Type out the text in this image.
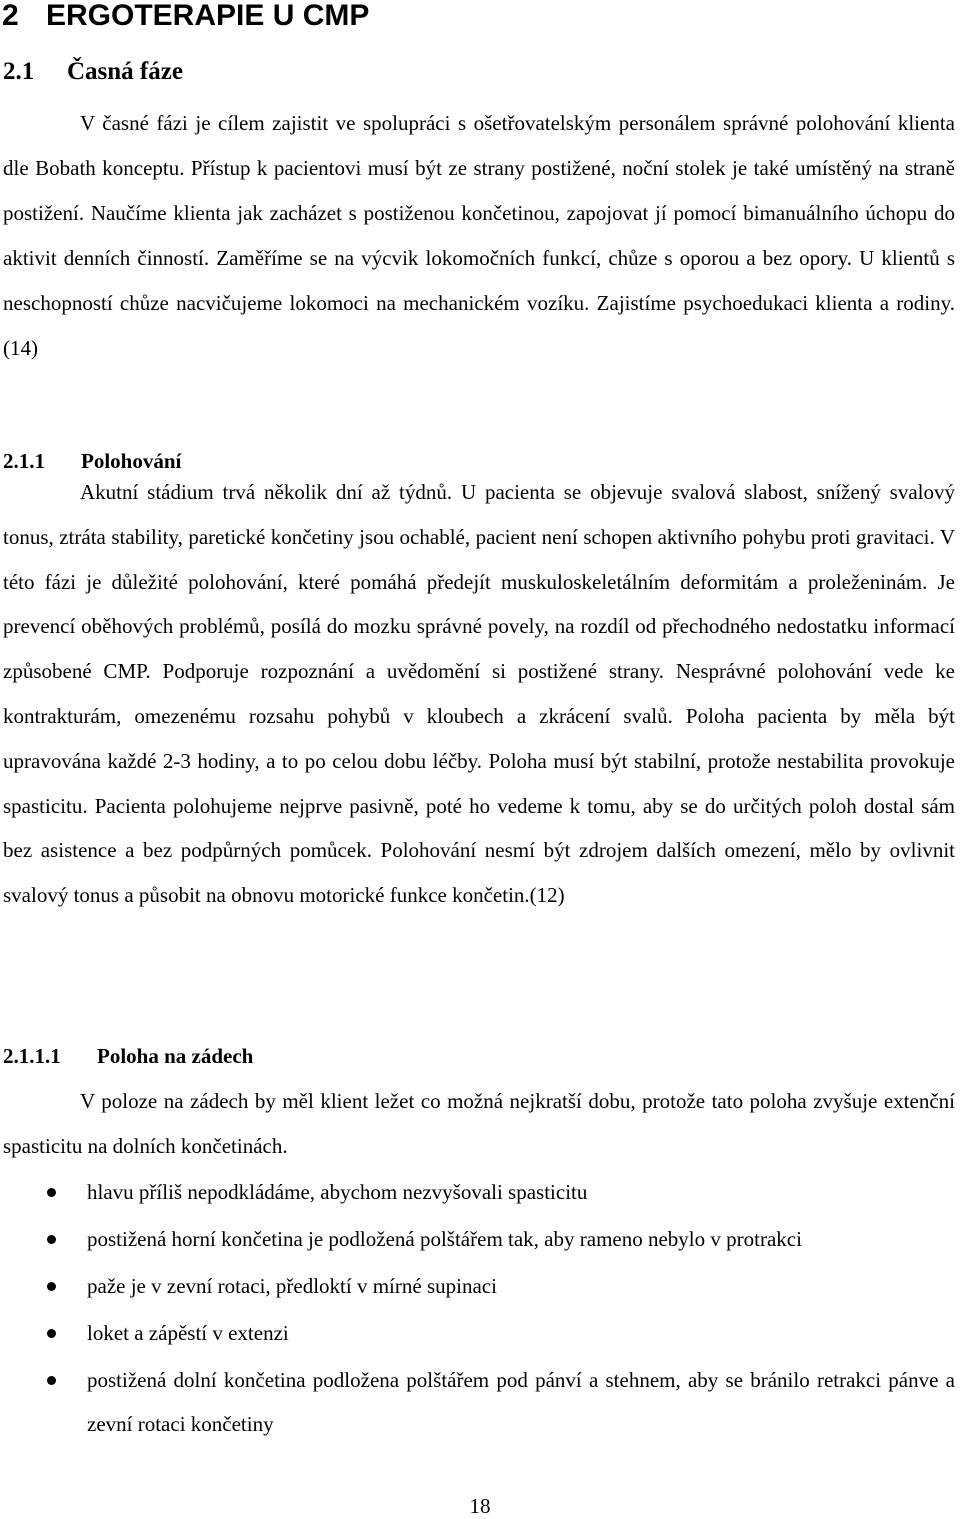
2 ERGOTERAPIE U CMP
2.1 Časná fáze

V časné fázi je cílem zajistit ve spolupráci s ošetřovatelským personálem správné polohování klienta dle Bobath konceptu. Přístup k pacientovi musí být ze strany postižené, noční stolek je také umístěný na straně postižení. Naučíme klienta jak zacházet s postiženou končetinou, zapojovat jí pomocí bimanuálního úchopu do aktivit denních činností. Zaměříme se na výcvik lokomočních funkcí, chůze s oporou a bez opory. U klientů s neschopností chůze nacvičujeme lokomoci na mechanickém vozíku. Zajistíme psychoedukaci klienta a rodiny. (14)

2.1.1 Polohování

Akutní stádium trvá několik dní až týdnů. U pacienta se objevuje svalová slabost, snížený svalový tonus, ztráta stability, paretické končetiny jsou ochablé, pacient není schopen aktivního pohybu proti gravitaci. V této fázi je důležité polohování, které pomáhá předejít muskuloskeletálním deformitám a proleženinám. Je prevencí oběhových problémů, posílá do mozku správné povely, na rozdíl od přechodného nedostatku informací způsobené CMP. Podporuje rozpoznání a uvědomění si postižené strany. Nesprávné polohování vede ke kontrakturám, omezenému rozsahu pohybů v kloubech a zkrácení svalů. Poloha pacienta by měla být upravována každé 2-3 hodiny, a to po celou dobu léčby. Poloha musí být stabilní, protože nestabilita provokuje spasticitu. Pacienta polohujeme nejprve pasivně, poté ho vedeme k tomu, aby se do určitých poloh dostal sám bez asistence a bez podpůrných pomůcek. Polohování nesmí být zdrojem dalších omezení, mělo by ovlivnit svalový tonus a působit na obnovu motorické funkce končetin.(12)

2.1.1.1 Poloha na zádech

V poloze na zádech by měl klient ležet co možná nejkratší dobu, protože tato poloha zvyšuje extenční spasticitu na dolních končetinách.

hlavu příliš nepodkládáme, abychom nezvyšovali spasticitu
postižená horní končetina je podložená polštářem tak, aby rameno nebylo v protrakci
paže je v zevní rotaci, předloktí v mírné supinaci
loket a zápěstí v extenzi
postižená dolní končetina podložena polštářem pod pánví a stehnem, aby se bránilo retrakci pánve a zevní rotaci končetiny
18
